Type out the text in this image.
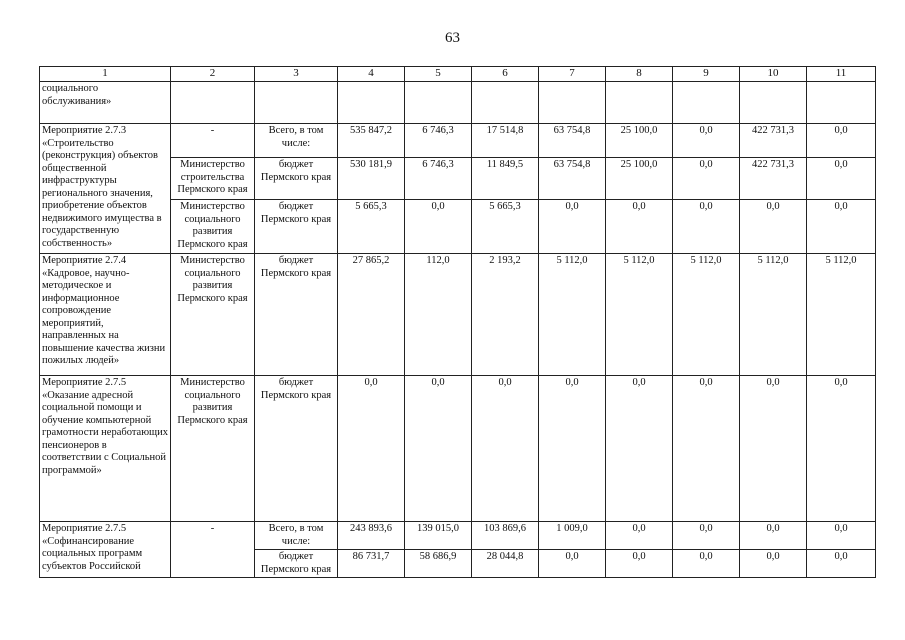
63
1	2	3	4	5	6	7	8	9	10	11
социального обслуживания»										
Мероприятие 2.7.3 «Строительство (реконструкция) объектов общественной инфраструктуры регионального значения, приобретение объектов недвижимого имущества в государственную собственность»	-	Всего, в том числе:	535 847,2	6 746,3	17 514,8	63 754,8	25 100,0	0,0	422 731,3	0,0
	Министерство строительства Пермского края	бюджет Пермского края	530 181,9	6 746,3	11 849,5	63 754,8	25 100,0	0,0	422 731,3	0,0
	Министерство социального развития Пермского края	бюджет Пермского края	5 665,3	0,0	5 665,3	0,0	0,0	0,0	0,0	0,0
Мероприятие 2.7.4 «Кадровое, научно-методическое и информационное сопровождение мероприятий, направленных на повышение качества жизни пожилых людей»	Министерство социального развития Пермского края	бюджет Пермского края	27 865,2	112,0	2 193,2	5 112,0	5 112,0	5 112,0	5 112,0	5 112,0
Мероприятие 2.7.5 «Оказание адресной социальной помощи и обучение компьютерной грамотности неработающих пенсионеров в соответствии с Социальной программой»	Министерство социального развития Пермского края	бюджет Пермского края	0,0	0,0	0,0	0,0	0,0	0,0	0,0	0,0
Мероприятие 2.7.5 «Софинансирование социальных программ субъектов Российской	-	Всего, в том числе:	243 893,6	139 015,0	103 869,6	1 009,0	0,0	0,0	0,0	0,0
		бюджет Пермского края	86 731,7	58 686,9	28 044,8	0,0	0,0	0,0	0,0	0,0
